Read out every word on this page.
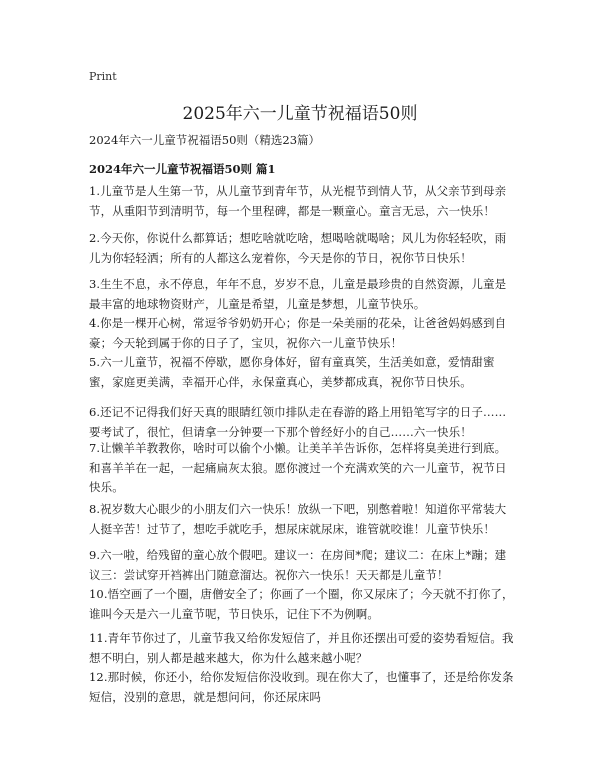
Print
2025年六一儿童节祝福语50则

2024年六一儿童节祝福语50则（精选23篇）

2024年六一儿童节祝福语50则 篇1

1.儿童节是人生第一节，从儿童节到青年节，从光棍节到情人节，从父亲节到母亲节，从重阳节到清明节，每一个里程碑，都是一颗童心。童言无忌，六一快乐！

2.今天你，你说什么都算话；想吃啥就吃啥，想喝啥就喝啥；风儿为你轻轻吹，雨儿为你轻轻洒；所有的人都这么宠着你，今天是你的节日，祝你节日快乐！

3.生生不息，永不停息，年年不息，岁岁不息，儿童是最珍贵的自然资源，儿童是最丰富的地球物资财产，儿童是希望，儿童是梦想，儿童节快乐。

4.你是一棵开心树，常逗爷爷奶奶开心；你是一朵美丽的花朵，让爸爸妈妈感到自豪；今天轮到属于你的日子了，宝贝，祝你六一儿童节快乐！

5.六一儿童节，祝福不停歇，愿你身体好，留有童真笑，生活美如意，爱情甜蜜蜜，家庭更美满，幸福开心伴，永保童真心，美梦都成真，祝你节日快乐。

6.还记不记得我们好天真的眼睛红领巾排队走在春游的路上用铅笔写字的日子……要考试了，很忙，但请拿一分钟要一下那个曾经好小的自己……六一快乐！

7.让懒羊羊教教你，啥时可以偷个小懒。让美羊羊告诉你，怎样将臭美进行到底。和喜羊羊在一起，一起痛扁灰太狼。愿你渡过一个充满欢笑的六一儿童节，祝节日快乐。

8.祝岁数大心眼少的小朋友们六一快乐！放纵一下吧，别憋着啦！知道你平常装大人挺辛苦！过节了，想吃手就吃手，想尿床就尿床，谁管就咬谁！儿童节快乐！

9.六一啦，给残留的童心放个假吧。建议一：在房间*爬；建议二：在床上*蹦；建议三：尝试穿开裆裤出门随意溜达。祝你六一快乐！天天都是儿童节！

10.悟空画了一个圈，唐僧安全了；你画了一个圈，你又尿床了；今天就不打你了，谁叫今天是六一儿童节呢，节日快乐，记住下不为例啊。

11.青年节你过了，儿童节我又给你发短信了，并且你还摆出可爱的姿势看短信。我想不明白，别人都是越来越大，你为什么越来越小呢？

12.那时候，你还小，给你发短信你没收到。现在你大了，也懂事了，还是给你发条短信，没别的意思，就是想问问，你还尿床吗
